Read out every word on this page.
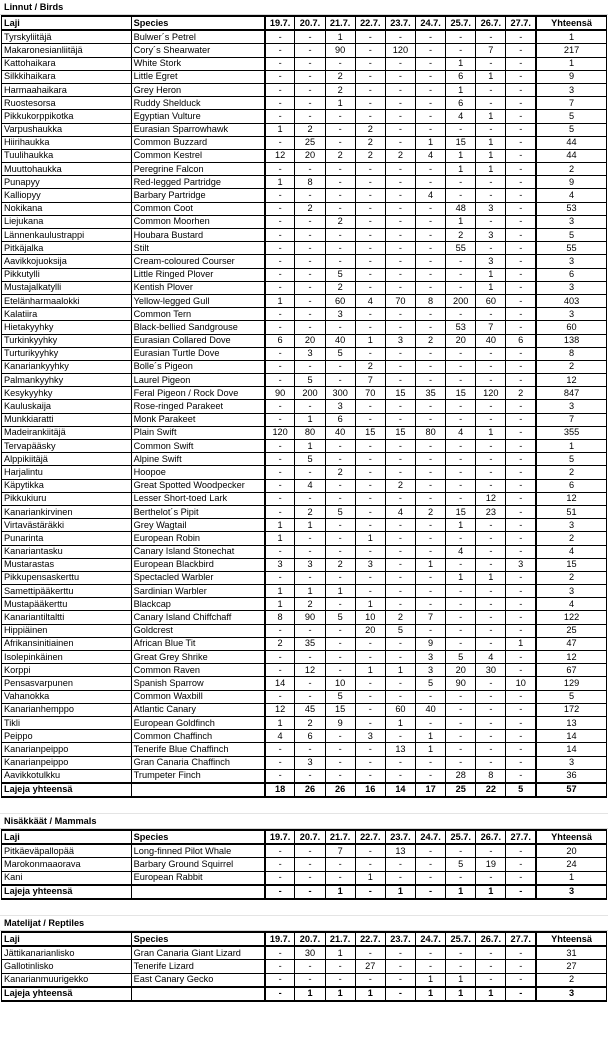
Linnut / Birds
Laji	Species	19.7.	20.7.	21.7.	22.7.	23.7.	24.7.	25.7.	26.7.	27.7.	Yhteensä
Tyrskyliitäjä	Bulwer´s Petrel	-	-	1	-	-	-	-	-	-	1
Makaronesianliitäjä	Cory´s Shearwater	-	-	90	-	120	-	-	7	-	217
Kattohaikara	White Stork	-	-	-	-	-	-	1	-	-	1
Silkkihaikara	Little Egret	-	-	2	-	-	-	6	1	-	9
Harmaahaikara	Grey Heron	-	-	2	-	-	-	1	-	-	3
Ruostesorsa	Ruddy Shelduck	-	-	1	-	-	-	6	-	-	7
Pikkukorppikotka	Egyptian Vulture	-	-	-	-	-	-	4	1	-	5
Varpushaukka	Eurasian Sparrowhawk	1	2	-	2	-	-	-	-	-	5
Hiirihaukka	Common Buzzard	-	25	-	2	-	1	15	1	-	44
Tuulihaukka	Common Kestrel	12	20	2	2	2	4	1	1	-	44
Muuttohaukka	Peregrine Falcon	-	-	-	-	-	-	1	1	-	2
Punapyy	Red-legged Partridge	1	8	-	-	-	-	-	-	-	9
Kalliopyy	Barbary Partridge	-	-	-	-	-	4	-	-	-	4
Nokikana	Common Coot	-	2	-	-	-	-	48	3	-	53
Liejukana	Common Moorhen	-	-	2	-	-	-	1	-	-	3
Lännenkaulustrappi	Houbara Bustard	-	-	-	-	-	-	2	3	-	5
Pitkäjalka	Stilt	-	-	-	-	-	-	55	-	-	55
Aavikkojuoksija	Cream-coloured Courser	-	-	-	-	-	-	-	3	-	3
Pikkutylli	Little Ringed Plover	-	-	5	-	-	-	-	1	-	6
Mustajalkatylli	Kentish Plover	-	-	2	-	-	-	-	1	-	3
Etelänharmaalokki	Yellow-legged Gull	1	-	60	4	70	8	200	60	-	403
Kalatiira	Common Tern	-	-	3	-	-	-	-	-	-	3
Hietakyyhky	Black-bellied Sandgrouse	-	-	-	-	-	-	53	7	-	60
Turkinkyyhky	Eurasian Collared Dove	6	20	40	1	3	2	20	40	6	138
Turturikyyhky	Eurasian Turtle Dove	-	3	5	-	-	-	-	-	-	8
Kanariankyyhky	Bolle´s Pigeon	-	-	-	2	-	-	-	-	-	2
Palmankyyhky	Laurel Pigeon	-	5	-	7	-	-	-	-	-	12
Kesykyyhky	Feral Pigeon / Rock Dove	90	200	300	70	15	35	15	120	2	847
Kauluskaija	Rose-ringed Parakeet	-	-	3	-	-	-	-	-	-	3
Munkkiaratti	Monk Parakeet	-	1	6	-	-	-	-	-	-	7
Madeirankiitäjä	Plain Swift	120	80	40	15	15	80	4	1	-	355
Tervapääsky	Common Swift	-	1	-	-	-	-	-	-	-	1
Alppikiitäjä	Alpine Swift	-	5	-	-	-	-	-	-	-	5
Harjalintu	Hoopoe	-	-	2	-	-	-	-	-	-	2
Käpytikka	Great Spotted Woodpecker	-	4	-	-	2	-	-	-	-	6
Pikkukiuru	Lesser Short-toed Lark	-	-	-	-	-	-	-	12	-	12
Kanariankirvinen	Berthelot´s Pipit	-	2	5	-	4	2	15	23	-	51
Virtavästäräkki	Grey Wagtail	1	1	-	-	-	-	1	-	-	3
Punarinta	European Robin	1	-	-	1	-	-	-	-	-	2
Kanariantasku	Canary Island Stonechat	-	-	-	-	-	-	4	-	-	4
Mustarastas	European Blackbird	3	3	2	3	-	1	-	-	3	15
Pikkupensaskerttu	Spectacled Warbler	-	-	-	-	-	-	1	1	-	2
Samettipääkerttu	Sardinian Warbler	1	1	1	-	-	-	-	-	-	3
Mustapääkerttu	Blackcap	1	2	-	1	-	-	-	-	-	4
Kanariantiltaltti	Canary Island Chiffchaff	8	90	5	10	2	7	-	-	-	122
Hippiäinen	Goldcrest	-	-	-	20	5	-	-	-	-	25
Afrikansinitiainen	African Blue Tit	2	35	-	-	-	9	-	-	1	47
Isolepinkäinen	Great Grey Shrike	-	-	-	-	-	3	5	4	-	12
Korppi	Common Raven	-	12	-	1	1	3	20	30	-	67
Pensasvarpunen	Spanish Sparrow	14	-	10	-	-	5	90	-	10	129
Vahanokka	Common Waxbill	-	-	5	-	-	-	-	-	-	5
Kanarianhemppo	Atlantic Canary	12	45	15	-	60	40	-	-	-	172
Tikli	European Goldfinch	1	2	9	-	1	-	-	-	-	13
Peippo	Common Chaffinch	4	6	-	3	-	1	-	-	-	14
Kanarianpeippo	Tenerife Blue Chaffinch	-	-	-	-	13	1	-	-	-	14
Kanarianpeippo	Gran Canaria Chaffinch	-	3	-	-	-	-	-	-	-	3
Aavikkotulkku	Trumpeter Finch	-	-	-	-	-	-	28	8	-	36
Lajeja yhteensä		18	26	26	16	14	17	25	22	5	57
Nisäkkäät / Mammals
Laji	Species	19.7.	20.7.	21.7.	22.7.	23.7.	24.7.	25.7.	26.7.	27.7.	Yhteensä
Pitkäeväpallopää	Long-finned Pilot Whale	-	-	7	-	13	-	-	-	-	20
Marokonmaaorava	Barbary Ground Squirrel	-	-	-	-	-	-	5	19	-	24
Kani	European Rabbit	-	-	-	1	-	-	-	-	-	1
Lajeja yhteensä		-	-	1	-	1	-	1	1	-	3
Matelijat / Reptiles
Laji	Species	19.7.	20.7.	21.7.	22.7.	23.7.	24.7.	25.7.	26.7.	27.7.	Yhteensä
Jättikanarianlisko	Gran Canaria Giant Lizard	-	30	1	-	-	-	-	-	-	31
Gallotinlisko	Tenerife Lizard	-	-	-	27	-	-	-	-	-	27
Kanarianmuurigekko	East Canary Gecko	-	-	-	-	-	1	1	-	-	2
Lajeja yhteensä		-	1	1	1	-	1	1	1	-	3
